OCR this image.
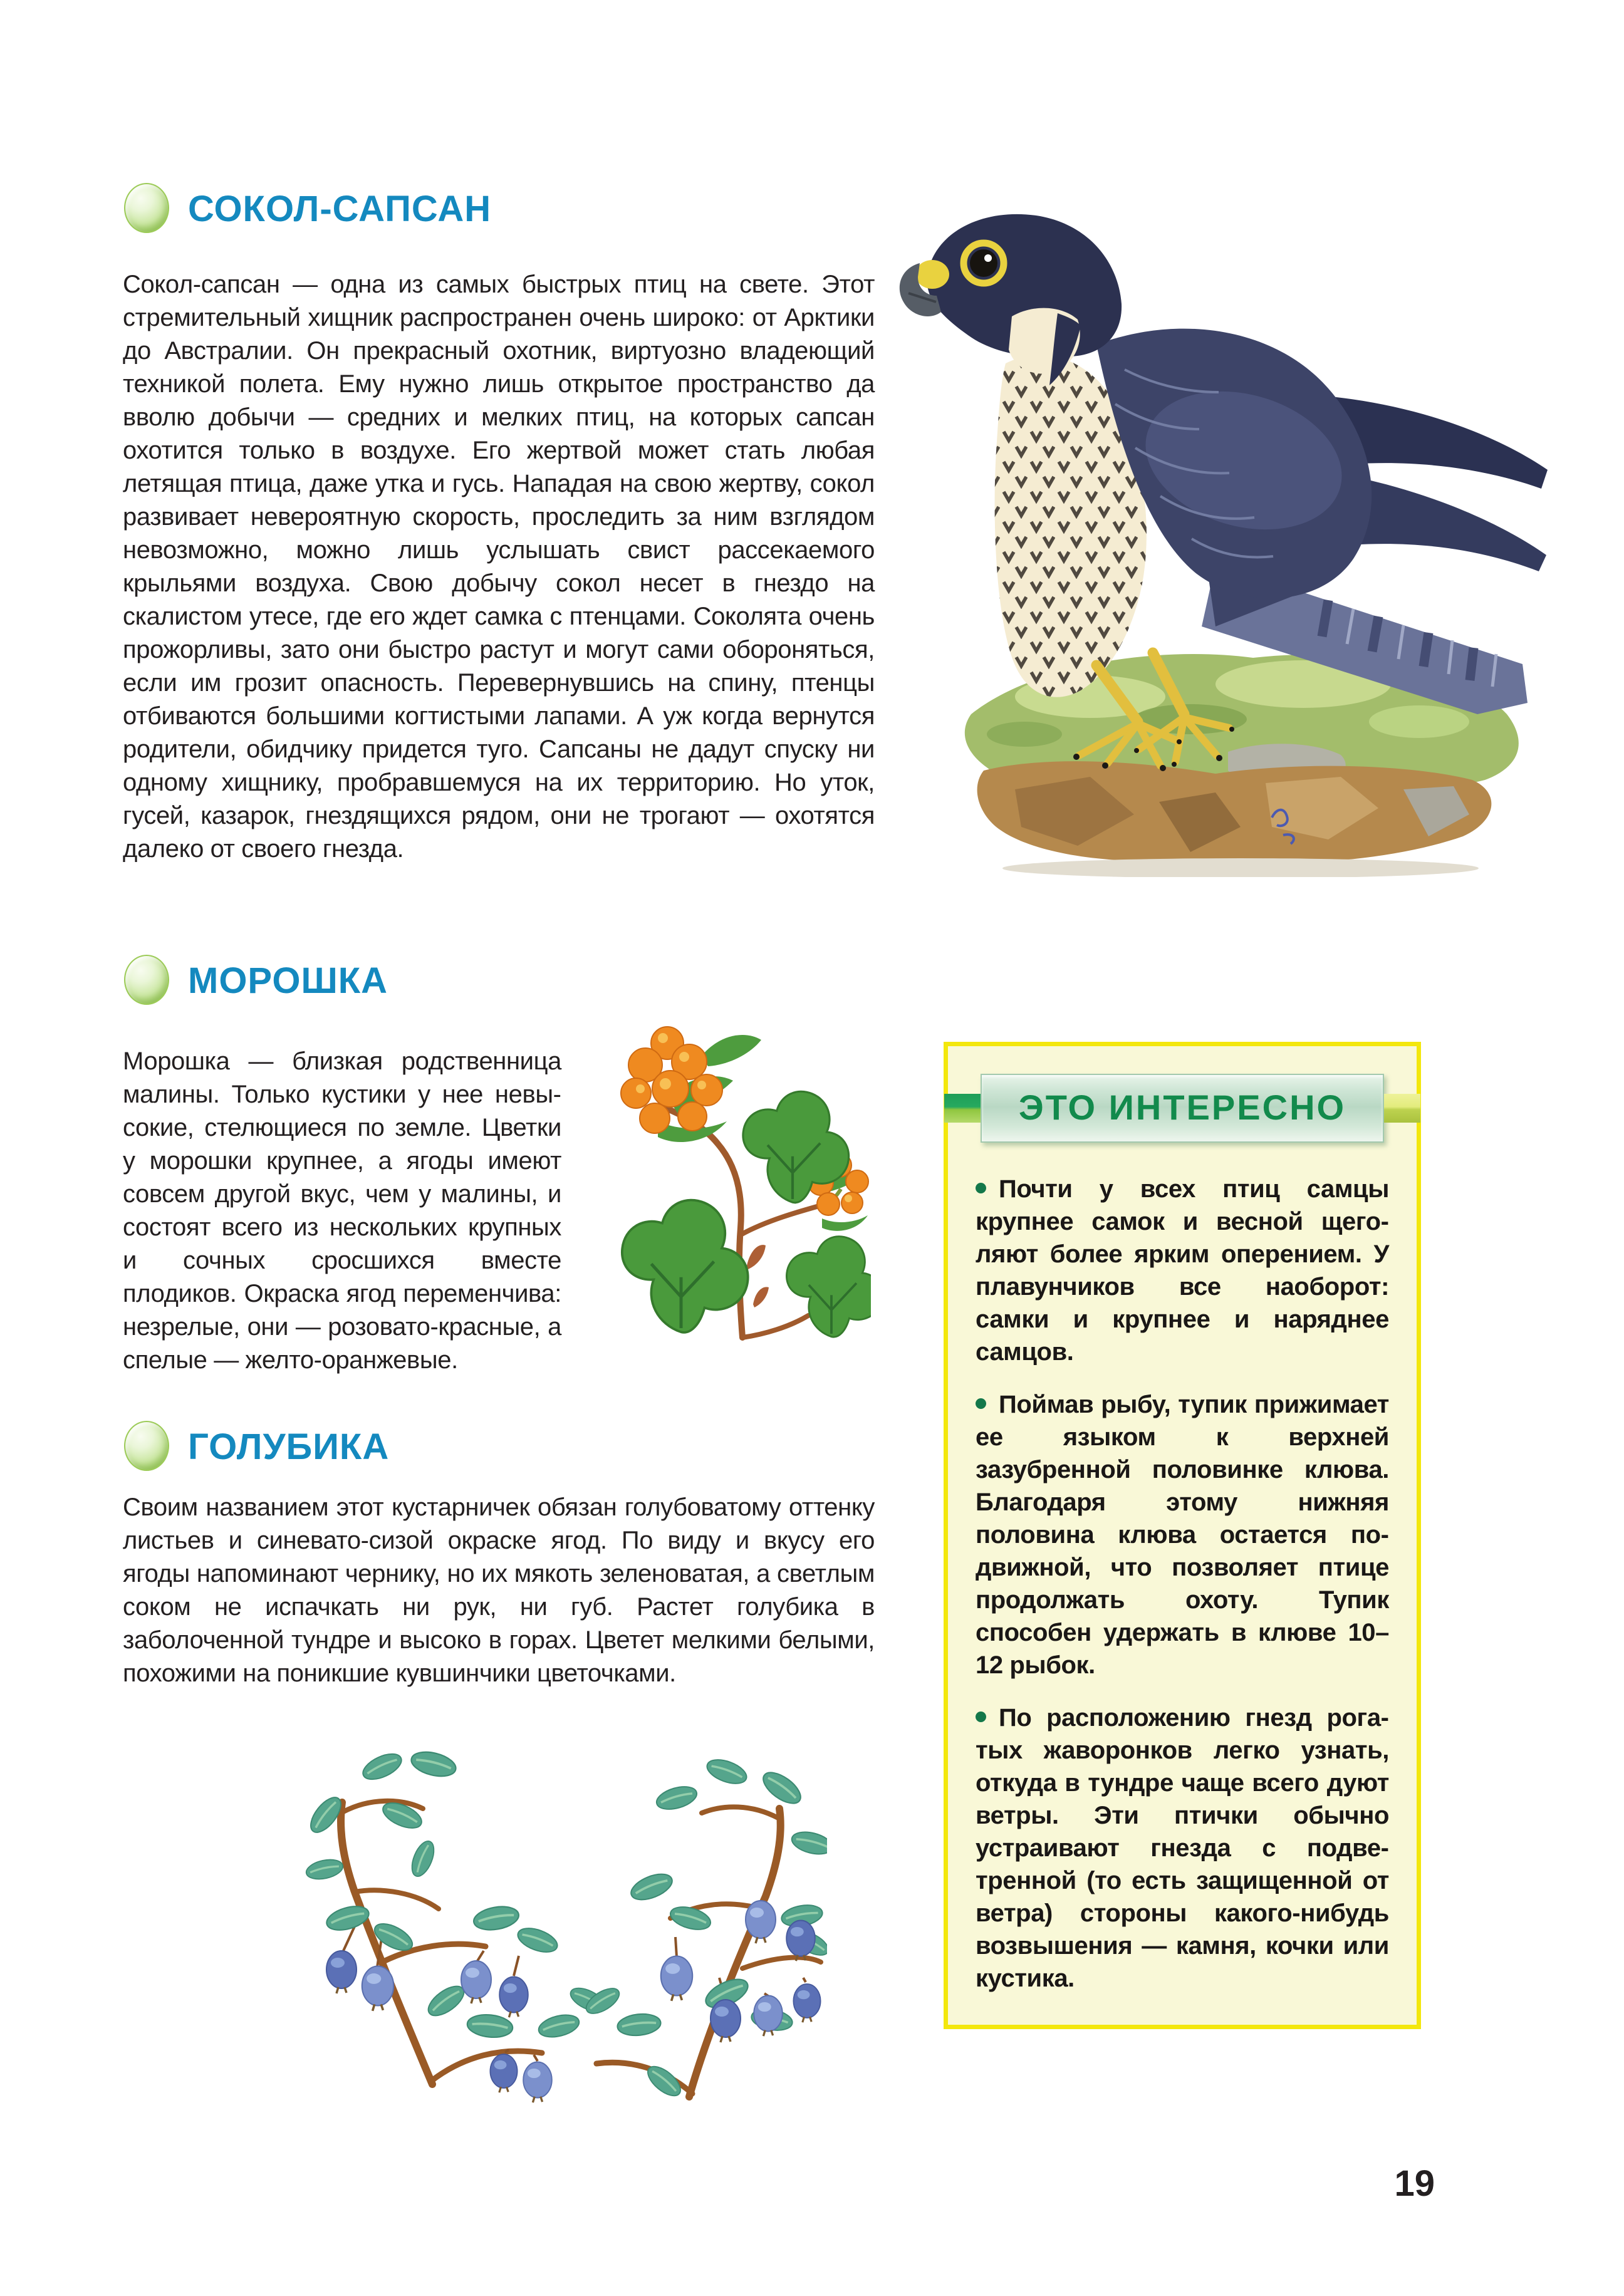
СОКОЛ-САПСАН
Сокол-сапсан — одна из самых быстрых птиц на свете. Этот стремительный хищник распространен очень широко: от Арктики до Австралии. Он прекрасный охотник, виртуозно владеющий техникой полета. Ему нужно лишь открытое пространство да вволю добычи — средних и мелких птиц, на которых сапсан охотится только в воздухе. Его жертвой может стать любая летящая птица, даже утка и гусь. Нападая на свою жертву, сокол развивает невероятную скорость, проследить за ним взглядом невозможно, можно лишь услышать свист рассекаемого крыльями воздуха. Свою добычу сокол несет в гнездо на скалистом утесе, где его ждет самка с птенцами. Соколята очень прожорливы, зато они быстро растут и могут сами обороняться, если им грозит опасность. Перевернувшись на спину, птенцы отбиваются большими когтистыми лапами. А уж когда вернутся родители, обидчику придется туго. Сапсаны не дадут спуску ни одному хищнику, пробравшемуся на их территорию. Но уток, гусей, казарок, гнездящихся рядом, они не трогают — охотятся далеко от своего гнезда.
МОРОШКА
Морошка — близкая родственница малины. Только кустики у нее невысокие, стелющиеся по земле. Цветки у морошки крупнее, а ягоды имеют совсем другой вкус, чем у малины, и состоят всего из нескольких крупных и сочных сросшихся вместе плодиков. Окраска ягод переменчива: незрелые, они — розовато-красные, а спелые — желто-оранжевые.
ГОЛУБИКА
Своим названием этот кустарничек обязан голубоватому оттенку листьев и синевато-сизой окраске ягод. По виду и вкусу его ягоды напоминают чернику, но их мякоть зеленоватая, а светлым соком не испачкать ни рук, ни губ. Растет голубика в заболоченной тундре и высоко в горах. Цветет мелкими белыми, похожими на поникшие кувшинчики цветочками.
ЭТО ИНТЕРЕСНО

Почти у всех птиц самцы крупнее самок и весной щеголяют более ярким оперением. У плавунчиков все наоборот: самки и крупнее и наряднее самцов.

Поймав рыбу, тупик прижимает ее языком к верхней зазубренной половинке клюва. Благодаря этому нижняя половина клюва остается подвижной, что позволяет птице продолжать охоту. Тупик способен удержать в клюве 10–12 рыбок.

По расположению гнезд рогатых жаворонков легко узнать, откуда в тундре чаще всего дуют ветры. Эти птички обычно устраивают гнезда с подветренной (то есть защищенной от ветра) стороны какого-нибудь возвышения — камня, кочки или кустика.

19
